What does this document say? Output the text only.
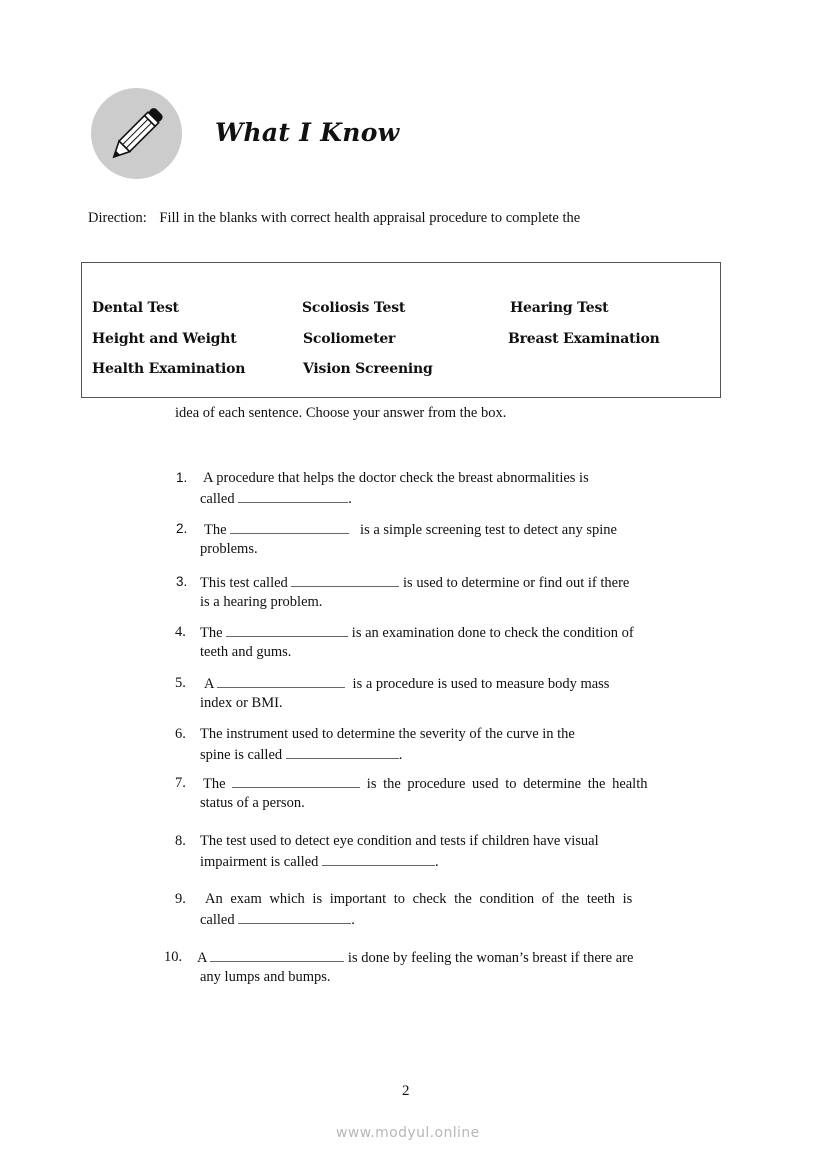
What I Know
Direction: Fill in the blanks with correct health appraisal procedure to complete the
Dental Test	Scoliosis Test	Hearing Test
Height and Weight	Scoliometer	Breast Examination
Health Examination	Vision Screening
idea of each sentence. Choose your answer from the box.
1. A procedure that helps the doctor check the breast abnormalities is
called	.
2. The	is a simple screening test to detect any spine
problems.
3. This test called	is used to determine or find out if there
is a hearing problem.
4. The	is an examination done to check the condition of
teeth and gums.
5. A	is a procedure is used to measure body mass
index or BMI.
6. The instrument used to determine the severity of the curve in the
spine is called	.
7. The	is the procedure used to determine the health
status of a person.
8. The test used to detect eye condition and tests if children have visual
impairment is called	.
9. An exam which is important to check the condition of the teeth is
called	.
10. A	is done by feeling the woman’s breast if there are
any lumps and bumps.
2
www.modyul.online
